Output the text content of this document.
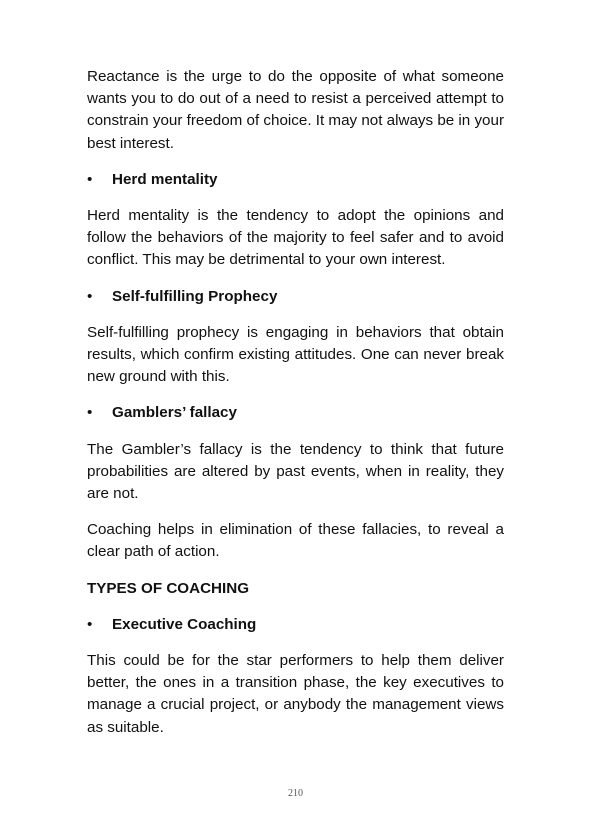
Reactance is the urge to do the opposite of what someone wants you to do out of a need to resist a perceived attempt to constrain your freedom of choice. It may not always be in your best interest.

•	Herd mentality

Herd mentality is the tendency to adopt the opinions and follow the behaviors of the majority to feel safer and to avoid conflict. This may be detrimental to your own interest.

•	Self-fulfilling Prophecy

Self-fulfilling prophecy is engaging in behaviors that obtain results, which confirm existing attitudes. One can never break new ground with this.

•	Gamblers’ fallacy

The Gambler’s fallacy is the tendency to think that future probabilities are altered by past events, when in reality, they are not.

Coaching helps in elimination of these fallacies, to reveal a clear path of action.

TYPES OF COACHING
•	Executive Coaching

This could be for the star performers to help them deliver better, the ones in a transition phase, the key executives to manage a crucial project, or anybody the management views as suitable.

210
